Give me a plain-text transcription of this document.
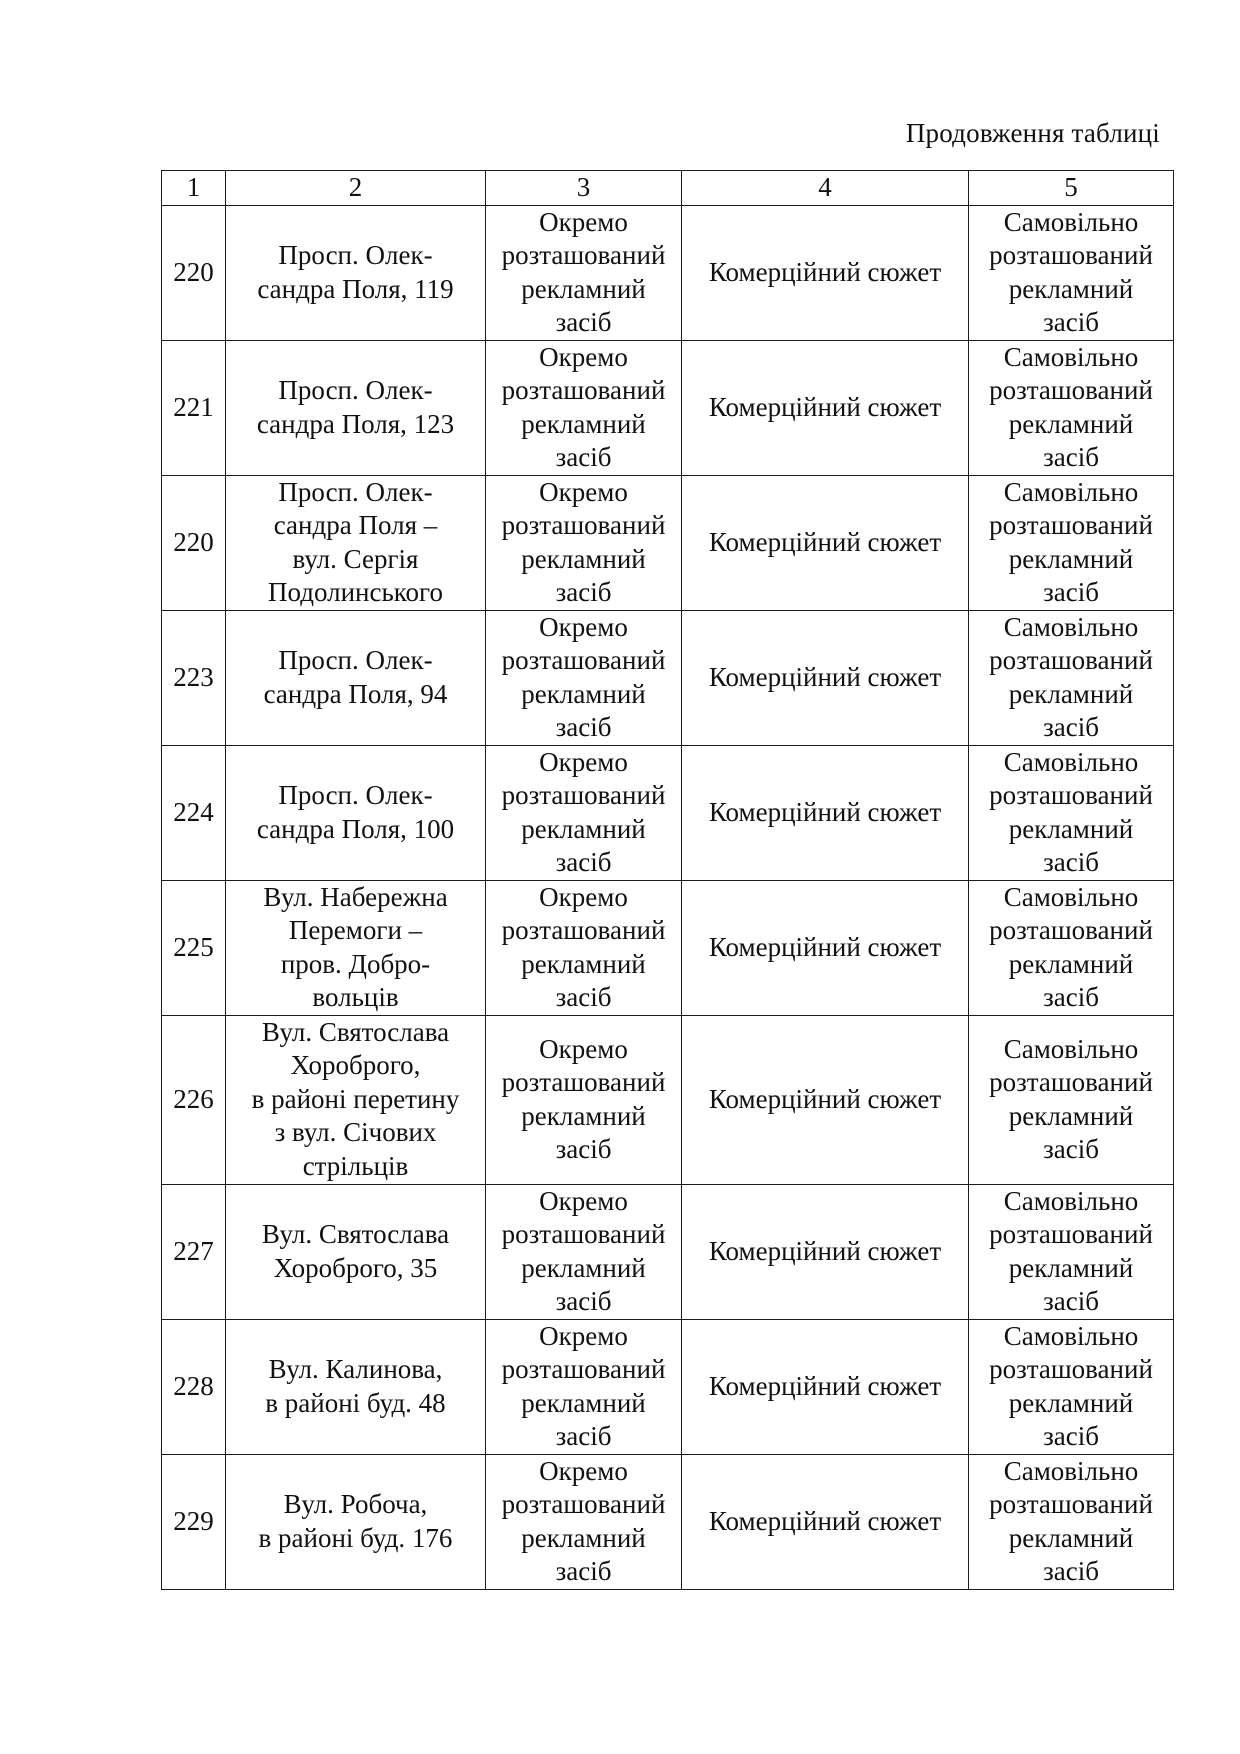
Продовження таблиці
1	2	3	4	5
220	Просп. Олек-
сандра Поля, 119	Окремо
розташований
рекламний
засіб	Комерційний сюжет	Самовільно
розташований
рекламний
засіб

221	Просп. Олек-
сандра Поля, 123	Окремо
розташований
рекламний
засіб	Комерційний сюжет	Самовільно
розташований
рекламний
засіб

220	Просп. Олек-
сандра Поля –
вул. Сергія
Подолинського	Окремо
розташований
рекламний
засіб	Комерційний сюжет	Самовільно
розташований
рекламний
засіб

223	Просп. Олек-
сандра Поля, 94	Окремо
розташований
рекламний
засіб	Комерційний сюжет	Самовільно
розташований
рекламний
засіб

224	Просп. Олек-
сандра Поля, 100	Окремо
розташований
рекламний
засіб	Комерційний сюжет	Самовільно
розташований
рекламний
засіб

225	Вул. Набережна
Перемоги –
пров. Добро-
вольців	Окремо
розташований
рекламний
засіб	Комерційний сюжет	Самовільно
розташований
рекламний
засіб

226	Вул. Святослава
Хороброго,
в районі перетину
з вул. Січових
стрільців	Окремо
розташований
рекламний
засіб	Комерційний сюжет	Самовільно
розташований
рекламний
засіб

227	Вул. Святослава
Хороброго, 35	Окремо
розташований
рекламний
засіб	Комерційний сюжет	Самовільно
розташований
рекламний
засіб

228	Вул. Калинова,
в районі буд. 48	Окремо
розташований
рекламний
засіб	Комерційний сюжет	Самовільно
розташований
рекламний
засіб

229	Вул. Робоча,
в районі буд. 176	Окремо
розташований
рекламний
засіб	Комерційний сюжет	Самовільно
розташований
рекламний
засіб
